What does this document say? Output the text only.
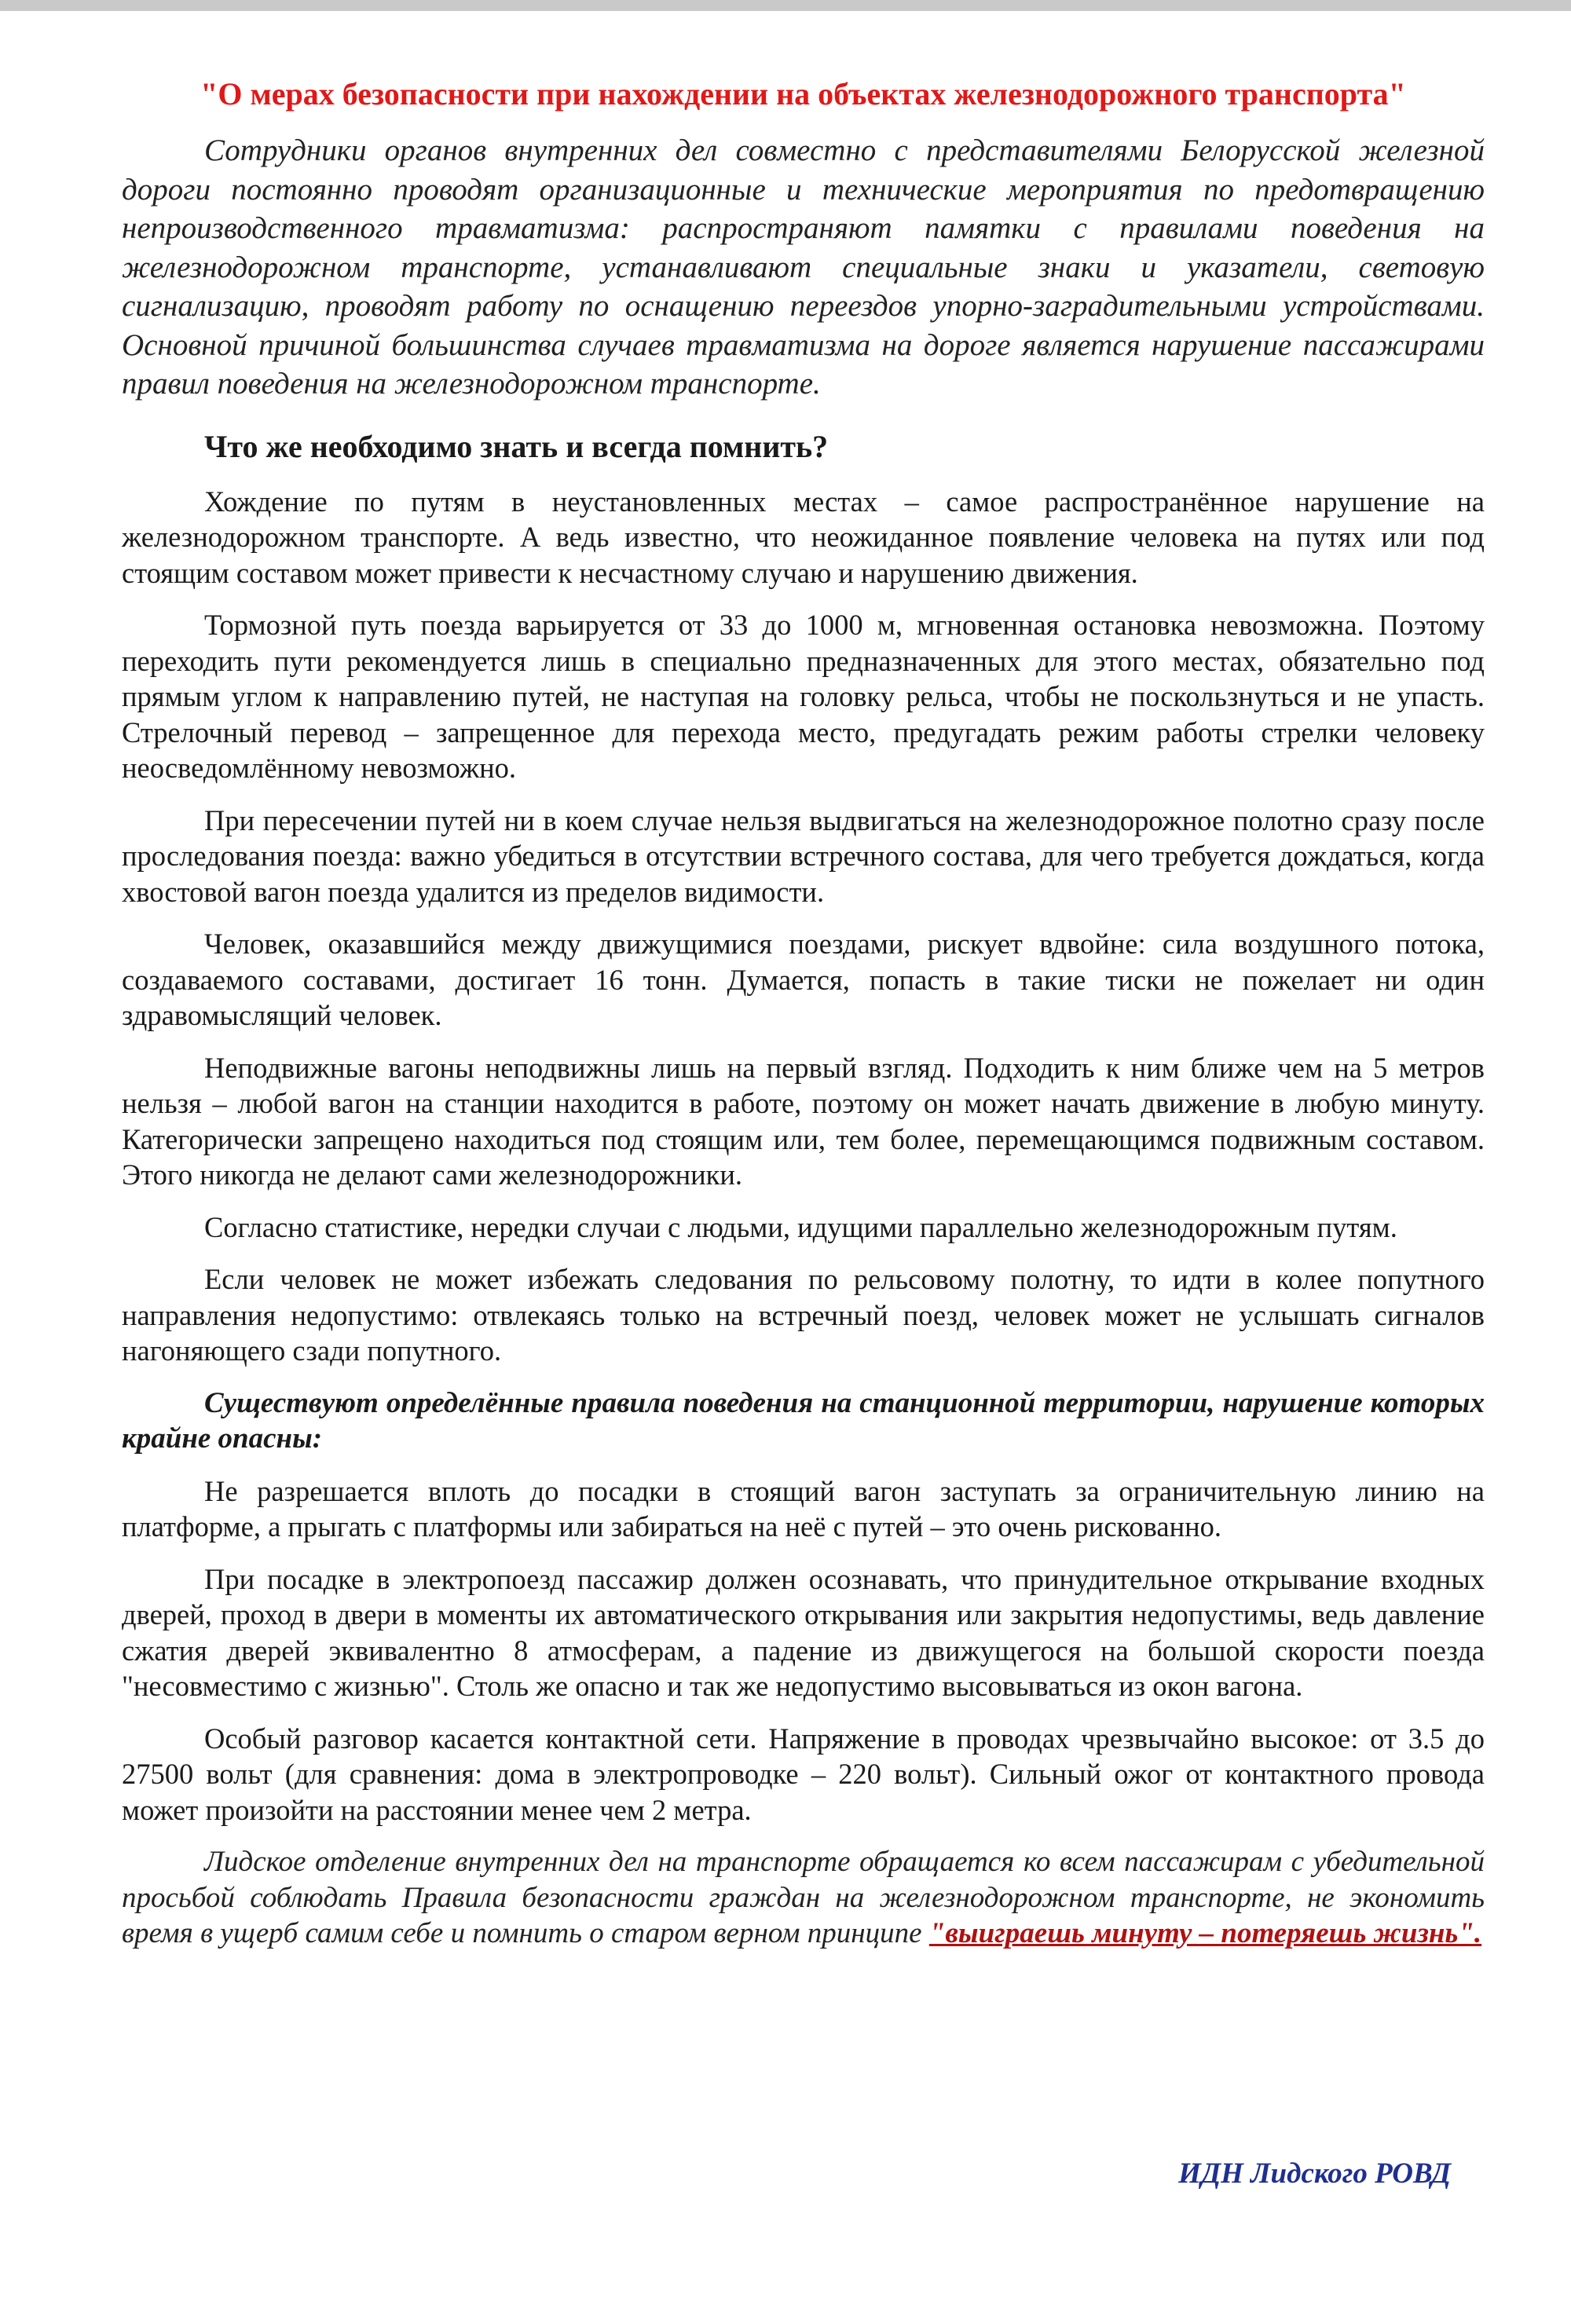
"О мерах безопасности при нахождении на объектах железнодорожного транспорта"

Сотрудники органов внутренних дел совместно с представителями Белорусской железной дороги постоянно проводят организационные и технические мероприятия по предотвращению непроизводственного травматизма: распространяют памятки с правилами поведения на железнодорожном транспорте, устанавливают специальные знаки и указатели, световую сигнализацию, проводят работу по оснащению переездов упорно-заградительными устройствами. Основной причиной большинства случаев травматизма на дороге является нарушение пассажирами правил поведения на железнодорожном транспорте.

Что же необходимо знать и всегда помнить?

Хождение по путям в неустановленных местах – самое распространённое нарушение на железнодорожном транспорте. А ведь известно, что неожиданное появление человека на путях или под стоящим составом может привести к несчастному случаю и нарушению движения.

Тормозной путь поезда варьируется от 33 до 1000 м, мгновенная остановка невозможна. Поэтому переходить пути рекомендуется лишь в специально предназначенных для этого местах, обязательно под прямым углом к направлению путей, не наступая на головку рельса, чтобы не поскользнуться и не упасть. Стрелочный перевод – запрещенное для перехода место, предугадать режим работы стрелки человеку неосведомлённому невозможно.

При пересечении путей ни в коем случае нельзя выдвигаться на железнодорожное полотно сразу после проследования поезда: важно убедиться в отсутствии встречного состава, для чего требуется дождаться, когда хвостовой вагон поезда удалится из пределов видимости.

Человек, оказавшийся между движущимися поездами, рискует вдвойне: сила воздушного потока, создаваемого составами, достигает 16 тонн. Думается, попасть в такие тиски не пожелает ни один здравомыслящий человек.

Неподвижные вагоны неподвижны лишь на первый взгляд. Подходить к ним ближе чем на 5 метров нельзя – любой вагон на станции находится в работе, поэтому он может начать движение в любую минуту. Категорически запрещено находиться под стоящим или, тем более, перемещающимся подвижным составом. Этого никогда не делают сами железнодорожники.

Согласно статистике, нередки случаи с людьми, идущими параллельно железнодорожным путям.

Если человек не может избежать следования по рельсовому полотну, то идти в колее попутного направления недопустимо: отвлекаясь только на встречный поезд, человек может не услышать сигналов нагоняющего сзади попутного.

Существуют определённые правила поведения на станционной территории, нарушение которых крайне опасны:

Не разрешается вплоть до посадки в стоящий вагон заступать за ограничительную линию на платформе, а прыгать с платформы или забираться на неё с путей – это очень рискованно.

При посадке в электропоезд пассажир должен осознавать, что принудительное открывание входных дверей, проход в двери в моменты их автоматического открывания или закрытия недопустимы, ведь давление сжатия дверей эквивалентно 8 атмосферам, а падение из движущегося на большой скорости поезда "несовместимо с жизнью". Столь же опасно и так же недопустимо высовываться из окон вагона.

Особый разговор касается контактной сети. Напряжение в проводах чрезвычайно высокое: от 3.5 до 27500 вольт (для сравнения: дома в электропроводке – 220 вольт). Сильный ожог от контактного провода может произойти на расстоянии менее чем 2 метра.

Лидское отделение внутренних дел на транспорте обращается ко всем пассажирам с убедительной просьбой соблюдать Правила безопасности граждан на железнодорожном транспорте, не экономить время в ущерб самим себе и помнить о старом верном принципе "выиграешь минуту – потеряешь жизнь".

ИДН Лидского РОВД
